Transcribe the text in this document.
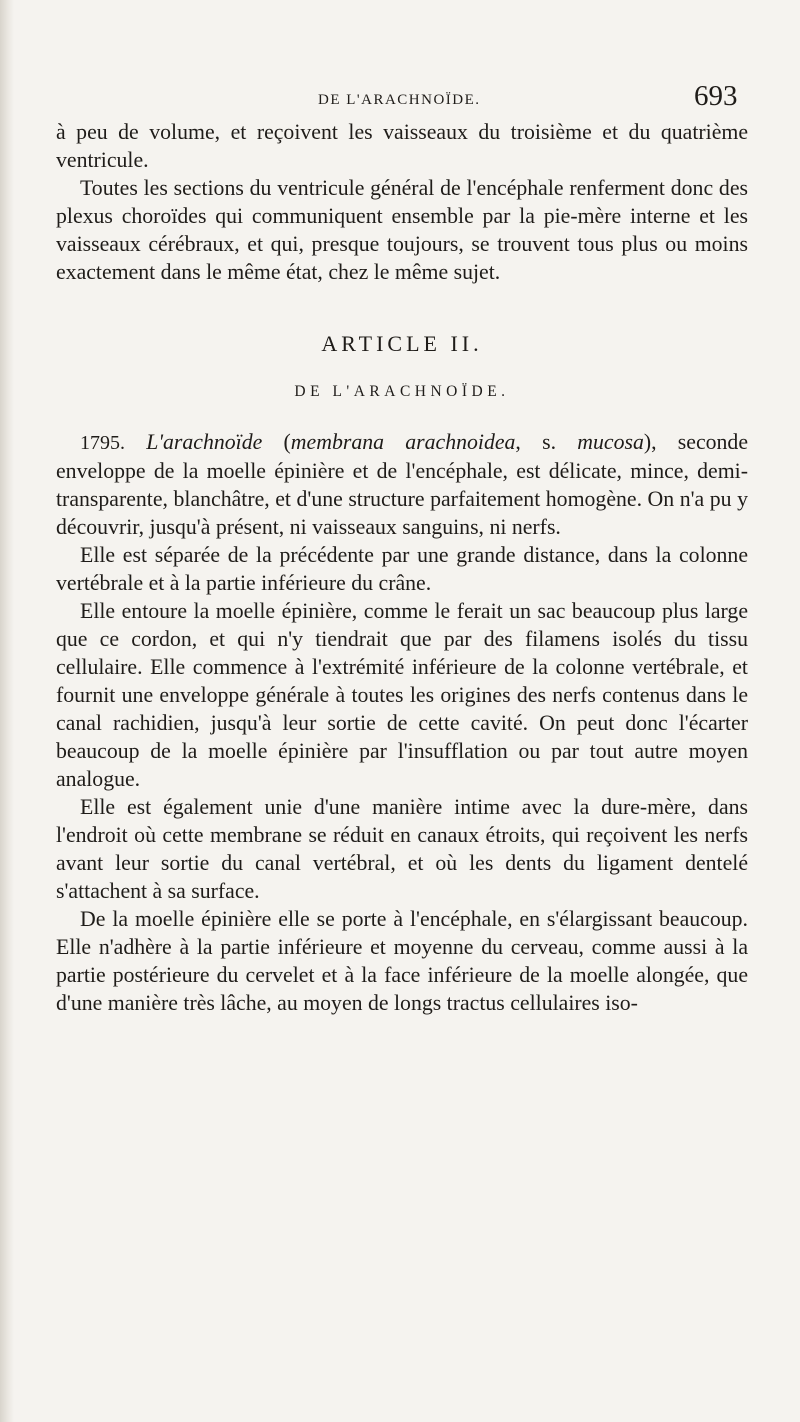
DE L'ARACHNOÏDE.	693

à peu de volume, et reçoivent les vaisseaux du troisième et du quatrième ventricule.

Toutes les sections du ventricule général de l'encéphale renferment donc des plexus choroïdes qui communiquent ensemble par la pie-mère interne et les vaisseaux cérébraux, et qui, presque toujours, se trouvent tous plus ou moins exactement dans le même état, chez le même sujet.

ARTICLE II.

DE L'ARACHNOÏDE.

1795. L'arachnoïde (membrana arachnoidea, s. mucosa), seconde enveloppe de la moelle épinière et de l'encéphale, est délicate, mince, demi-transparente, blanchâtre, et d'une structure parfaitement homogène. On n'a pu y découvrir, jusqu'à présent, ni vaisseaux sanguins, ni nerfs.

Elle est séparée de la précédente par une grande distance, dans la colonne vertébrale et à la partie inférieure du crâne.

Elle entoure la moelle épinière, comme le ferait un sac beaucoup plus large que ce cordon, et qui n'y tiendrait que par des filamens isolés du tissu cellulaire. Elle commence à l'extrémité inférieure de la colonne vertébrale, et fournit une enveloppe générale à toutes les origines des nerfs contenus dans le canal rachidien, jusqu'à leur sortie de cette cavité. On peut donc l'écarter beaucoup de la moelle épinière par l'insufflation ou par tout autre moyen analogue.

Elle est également unie d'une manière intime avec la dure-mère, dans l'endroit où cette membrane se réduit en canaux étroits, qui reçoivent les nerfs avant leur sortie du canal vertébral, et où les dents du ligament dentelé s'attachent à sa surface.

De la moelle épinière elle se porte à l'encéphale, en s'élargissant beaucoup. Elle n'adhère à la partie inférieure et moyenne du cerveau, comme aussi à la partie postérieure du cervelet et à la face inférieure de la moelle alongée, que d'une manière très lâche, au moyen de longs tractus cellulaires iso-
